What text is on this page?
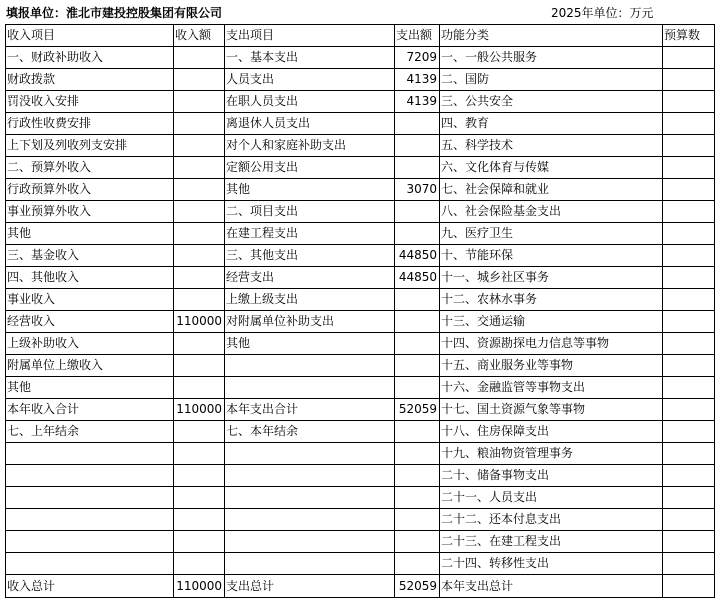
填报单位：淮北市建投控股集团有限公司	2025年单位：万元
收入项目	收入额	支出项目	支出额	功能分类	预算数
一、财政补助收入		一、基本支出	7209	一、一般公共服务	
财政拨款		人员支出	4139	二、国防	
罚没收入安排		在职人员支出	4139	三、公共安全	
行政性收费安排		离退休人员支出		四、教育	
上下划及列收列支安排		对个人和家庭补助支出		五、科学技术	
二、预算外收入		定额公用支出		六、文化体育与传媒	
行政预算外收入		其他	3070	七、社会保障和就业	
事业预算外收入		二、项目支出		八、社会保险基金支出	
其他		在建工程支出		九、医疗卫生	
三、基金收入		三、其他支出	44850	十、节能环保	
四、其他收入		经营支出	44850	十一、城乡社区事务	
事业收入		上缴上级支出		十二、农林水事务	
经营收入	110000	对附属单位补助支出		十三、交通运输	
上级补助收入		其他		十四、资源勘探电力信息等事物	
附属单位上缴收入				十五、商业服务业等事物	
其他				十六、金融监管等事物支出	
本年收入合计	110000	本年支出合计	52059	十七、国土资源气象等事物	
七、上年结余		七、本年结余		十八、住房保障支出	
				十九、粮油物资管理事务	
				二十、储备事物支出	
				二十一、人员支出	
				二十二、还本付息支出	
				二十三、在建工程支出	
				二十四、转移性支出	
收入总计	110000	支出总计	52059	本年支出总计	
